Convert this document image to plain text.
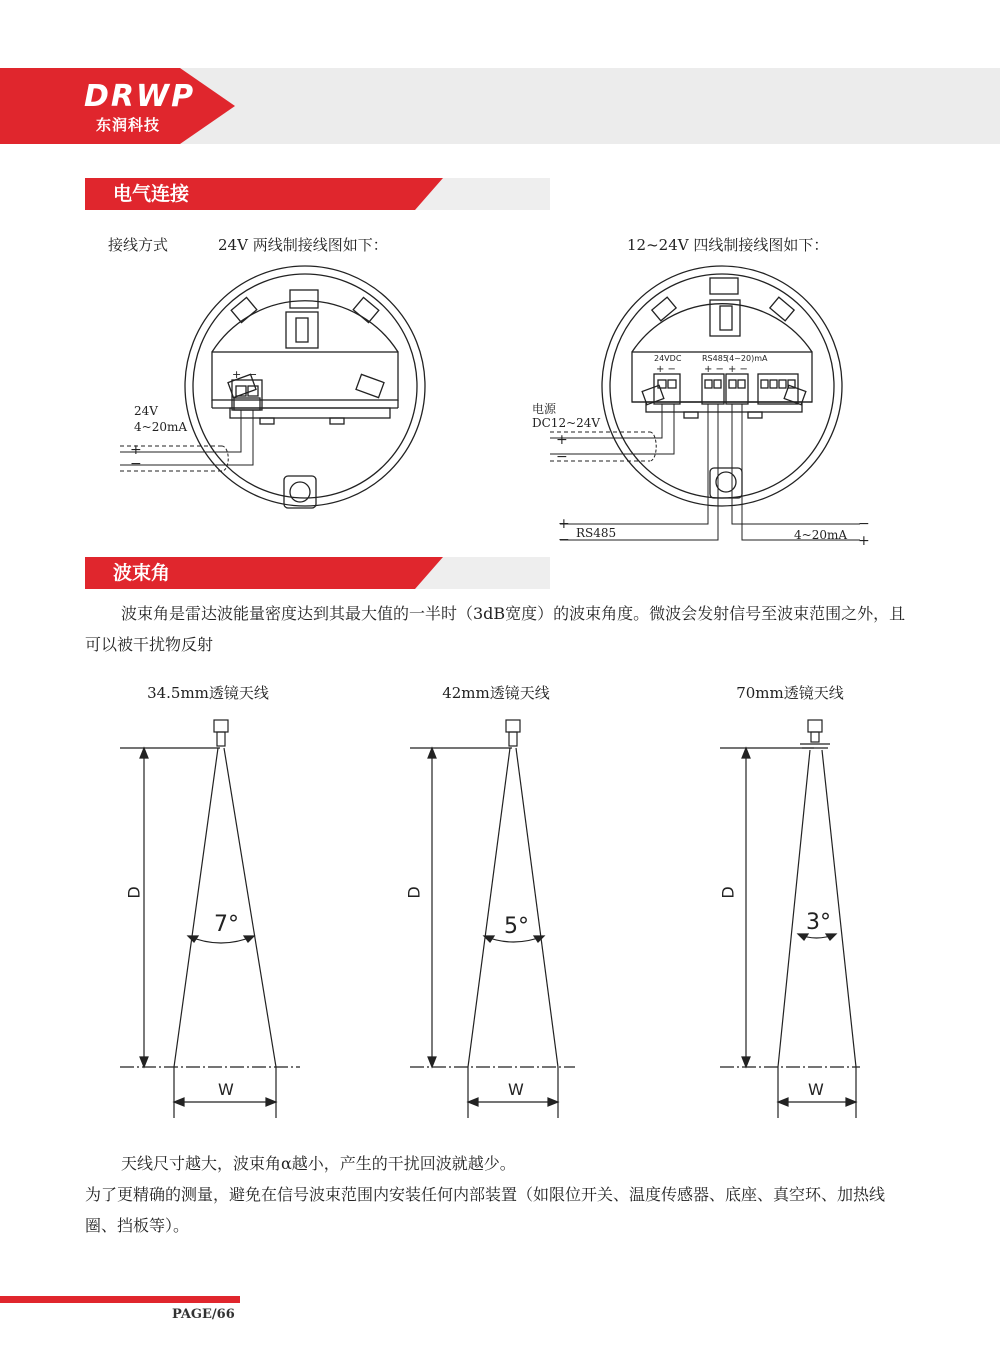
DRWP
东润科技
电气连接
接线方式	24V 两线制接线图如下：	12~24V 四线制接线图如下：
+ −
24V
4~20mA
+
−
24VDC	RS485
(4~20)mA
+ −	+ − + −
电源
DC12~24V
+
−
RS485	4~20mA
+
−
−
+
波束角
波束角是雷达波能量密度达到其最大值的一半时（3dB宽度）的波束角度。微波会发射信号至波束范围之外，且可以被干扰物反射
34.5mm透镜天线	42mm透镜天线	70mm透镜天线
D
7°
W
D
5°
W
D
3°
W
天线尺寸越大，波束角α越小，产生的干扰回波就越少。
为了更精确的测量，避免在信号波束范围内安装任何内部装置（如限位开关、温度传感器、底座、真空环、加热线圈、挡板等）。
PAGE/66
